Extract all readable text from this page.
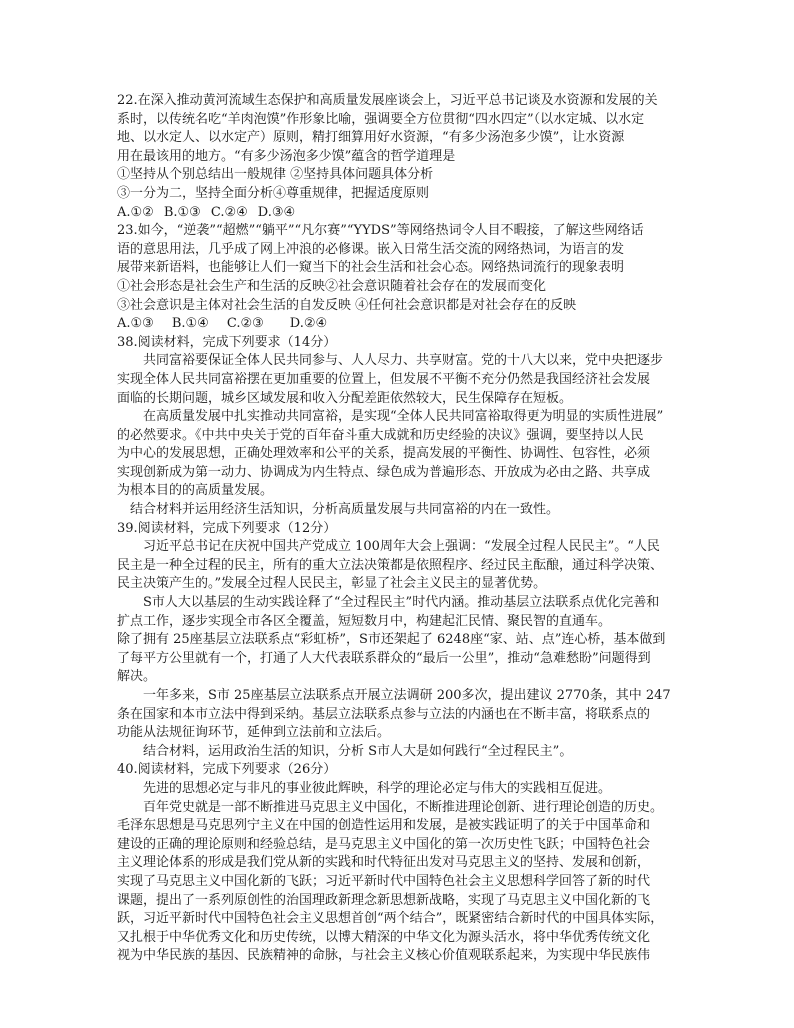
22.在深入推动黄河流域生态保护和高质量发展座谈会上，习近平总书记谈及水资源和发展的关
系时，以传统名吃“羊肉泡馍”作形象比喻，强调要全方位贯彻“四水四定”（以水定城、以水定
地、以水定人、以水定产）原则，精打细算用好水资源，“有多少汤泡多少馍”，让水资源
用在最该用的地方。“有多少汤泡多少馍”蕴含的哲学道理是
①坚持从个别总结出一般规律 ②坚持具体问题具体分析
③一分为二，坚持全面分析④尊重规律，把握适度原则
A.①② B.①③ C.②④ D.③④
23.如今，“逆袭”“超燃”“躺平”“凡尔赛”“YYDS”等网络热词令人目不暇接，了解这些网络话
语的意思用法，几乎成了网上冲浪的必修课。嵌入日常生活交流的网络热词，为语言的发
展带来新语料，也能够让人们一窥当下的社会生活和社会心态。网络热词流行的现象表明
①社会形态是社会生产和生活的反映②社会意识随着社会存在的发展而变化
③社会意识是主体对社会生活的自发反映 ④任何社会意识都是对社会存在的反映
A.①③ B.①④ C.②③ D.②④
38.阅读材料，完成下列要求（14分）
共同富裕要保证全体人民共同参与、人人尽力、共享财富。党的十八大以来，党中央把逐步
实现全体人民共同富裕摆在更加重要的位置上，但发展不平衡不充分仍然是我国经济社会发展
面临的长期问题，城乡区域发展和收入分配差距依然较大，民生保障存在短板。
在高质量发展中扎实推动共同富裕，是实现“全体人民共同富裕取得更为明显的实质性进展”
的必然要求。《中共中央关于党的百年奋斗重大成就和历史经验的决议》强调，要坚持以人民
为中心的发展思想，正确处理效率和公平的关系，提高发展的平衡性、协调性、包容性，必须
实现创新成为第一动力、协调成为内生特点、绿色成为普遍形态、开放成为必由之路、共享成
为根本目的的高质量发展。
结合材料并运用经济生活知识，分析高质量发展与共同富裕的内在一致性。
39.阅读材料，完成下列要求（12分）
习近平总书记在庆祝中国共产党成立 100周年大会上强调：“发展全过程人民民主”。“人民
民主是一种全过程的民主，所有的重大立法决策都是依照程序、经过民主酝酿，通过科学决策、
民主决策产生的。”发展全过程人民民主，彰显了社会主义民主的显著优势。
S市人大以基层的生动实践诠释了“全过程民主”时代内涵。推动基层立法联系点优化完善和
扩点工作，逐步实现全市各区全覆盖，短短数月中，构建起汇民情、聚民智的直通车。
除了拥有 25座基层立法联系点“彩虹桥”，S市还架起了 6248座“家、站、点”连心桥，基本做到
了每平方公里就有一个，打通了人大代表联系群众的“最后一公里”，推动“急难愁盼”问题得到
解决。
一年多来，S市 25座基层立法联系点开展立法调研 200多次，提出建议 2770条，其中 247
条在国家和本市立法中得到采纳。基层立法联系点参与立法的内涵也在不断丰富，将联系点的
功能从法规征询环节，延伸到立法前和立法后。
结合材料，运用政治生活的知识，分析 S市人大是如何践行“全过程民主”。
40.阅读材料，完成下列要求（26分）
先进的思想必定与非凡的事业彼此辉映，科学的理论必定与伟大的实践相互促进。
百年党史就是一部不断推进马克思主义中国化，不断推进理论创新、进行理论创造的历史。
毛泽东思想是马克思列宁主义在中国的创造性运用和发展，是被实践证明了的关于中国革命和
建设的正确的理论原则和经验总结，是马克思主义中国化的第一次历史性飞跃；中国特色社会
主义理论体系的形成是我们党从新的实践和时代特征出发对马克思主义的坚持、发展和创新，
实现了马克思主义中国化新的飞跃；习近平新时代中国特色社会主义思想科学回答了新的时代
课题，提出了一系列原创性的治国理政新理念新思想新战略，实现了马克思主义中国化新的飞
跃，习近平新时代中国特色社会主义思想首创“两个结合”，既紧密结合新时代的中国具体实际，
又扎根于中华优秀文化和历史传统，以博大精深的中华文化为源头活水，将中华优秀传统文化
视为中华民族的基因、民族精神的命脉，与社会主义核心价值观联系起来，为实现中华民族伟
